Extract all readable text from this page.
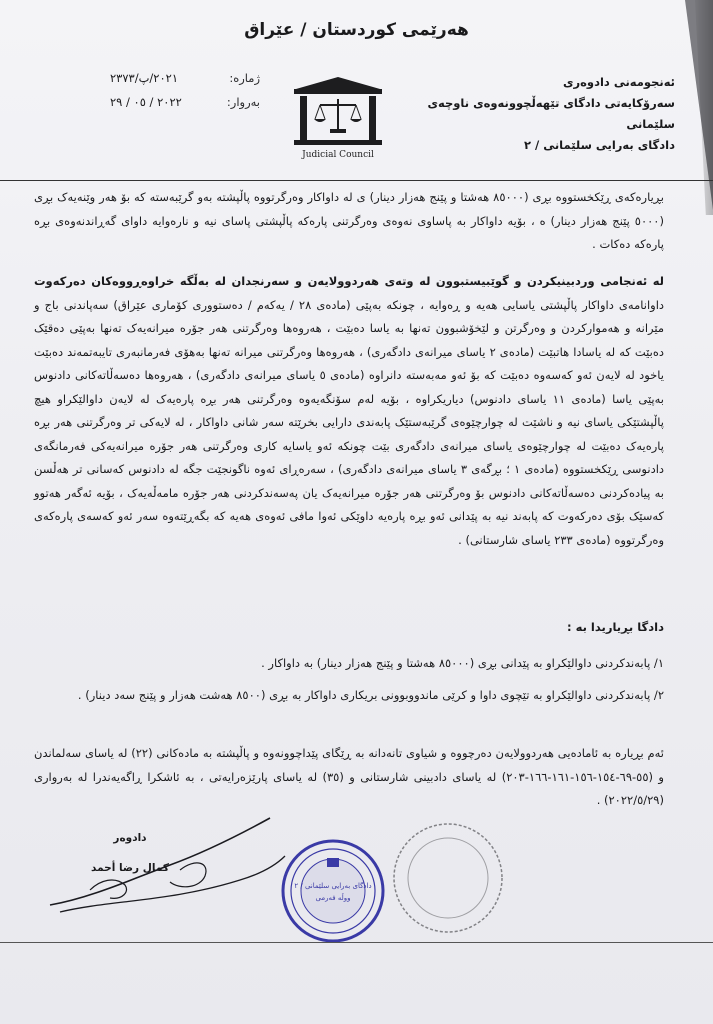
هەرێمی کوردستان / عێراق
ژمارە:
٢٠٢١/پ/٢٣٧٣
بەروار:
٢٠٢٢ / ٠٥ / ٢٩
Judicial Council
ئەنجومەنی دادوەری
سەرۆکایەتی دادگای تێهەڵچوونەوەی ناوچەی
سلێمانی
دادگای بەرایی سلێمانی / ٢

بڕیارەکەی ڕێکخستووە بڕی (٨٥٠٠٠ هەشتا و پێنج هەزار دینار) ی لە داواکار وەرگرتووە پاڵپشتە بەو گرێبەستە کە بۆ هەر وێنەیەک بڕی (٥٠٠٠ پێنج هەزار دینار) ە ، بۆیە داواکار بە پاساوی نەوەی وەرگرتنی پارەکە پاڵپشتی پاسای نیە و نارەوایە داوای گەڕاندنەوەی بڕە پارەکە دەکات .

لە ئەنجامی وردبینیکردن و گوێبیستبوون لە وتەی هەردوولایەن و سەرنجدان لە بەڵگە خراوەڕووەکان دەرکەوت داوانامەی داواکار پاڵپشتی یاسایی هەیە و ڕەوایە ، چونکە بەپێی (مادەی ٢٨ / یەکەم / دەستووری کۆماری عێراق) سەپاندنی باج و مێرانە و هەمواركردن و وەرگرتن و لێخۆشبوون تەنها بە یاسا دەبێت ، هەروەها وەرگرتنی هەر جۆرە میرانەیەک تەنها بەپێی دەقێک دەبێت کە لە یاسادا هاتبێت (مادەی ٢ یاسای میرانەی دادگەری) ، هەروەها وەرگرتنی میرانە تەنها بەهۆی فەرمانبەری تایبەتمەند دەبێت یاخود لە لایەن ئەو کەسەوە دەبێت کە بۆ ئەو مەبەستە دانراوە (مادەی ٥ یاسای میرانەی دادگەری) ، هەروەها دەسەڵاتەکانی دادنوس بەپێی یاسا (مادەی ١١ یاسای دادنوس) دیاریکراوە ، بۆیە لەم سۆنگەیەوە وەرگرتنی هەر بڕە پارەیەک لە لایەن داوالێکراو هیچ پاڵپشتێکی یاسای نیە و ناشێت لە چوارچێوەی گرێبەستێک پابەندی دارایی بخرێتە سەر شانی داواکار ، لە لایەکی تر وەرگرتنی هەر بڕە پارەیەک دەبێت لە چوارچێوەی یاسای میرانەی دادگەری بێت چونکە ئەو یاسایە کاری وەرگرتنی هەر جۆرە میرانەیەکی فەرمانگەی دادنوسی ڕێکخستووە (مادەی ١ ؛ بڕگەی ٣ یاسای میرانەی دادگەری) ، سەرەڕای ئەوە ناگونجێت جگە لە دادنوس کەسانی تر هەڵسن بە پیادەکردنی دەسەڵاتەکانی دادنوس بۆ وەرگرتنی هەر جۆرە میرانەیەک یان پەسەندکردنی هەر جۆرە مامەڵەیەک ، بۆیە ئەگەر هەتوو کەسێک بۆی دەرکەوت کە پابەند نیە بە پێدانی ئەو بڕە پارەیە داوێکی ئەوا مافی ئەوەی هەیە کە بگەڕێتەوە سەر ئەو کەسەی پارەکەی وەرگرتووە (مادەی ٢٣٣ یاسای شارستانی) .

دادگا بڕیاریدا بە :
١/ پابەندکردنی داوالێکراو بە پێدانی بڕی (٨٥٠٠٠ هەشتا و پێنج هەزار دینار) بە داواکار .
٢/ پابەندکردنی داوالێکراو بە تێچوی داوا و کرێی ماندووبوونی بریکاری داواکار بە بڕی (٨٥٠٠ هەشت هەزار و پێنج سەد دینار) .
ئەم بڕیارە بە ئامادەیی هەردوولایەن دەرچووە و شیاوی تانەدانە بە ڕێگای پێداچوونەوە و پاڵپشتە بە مادەکانی (٢٢) لە یاسای سەلماندن و (٥٥-٦٩-١٥٤-١٥٦-١٦١-١٦٦-٢٠٣) لە یاسای دادبینی شارستانی و (٣٥) لە یاسای پارێزەرایەتی ، بە ئاشکرا ڕاگەیەندرا لە بەرواری (٢٠٢٢/٥/٢٩) .
دادوەر
کمال رضا أحمد
دادگای بەرایی سلێمانی / ٢
ووڵە فەرمی
